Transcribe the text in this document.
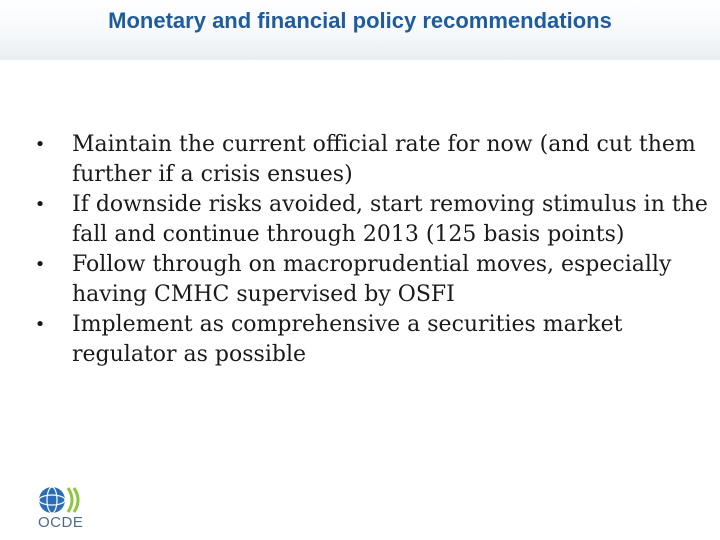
Monetary and financial policy recommendations
• Maintain the current official rate for now (and cut them further if a crisis ensues)
• If downside risks avoided, start removing stimulus in the fall and continue through 2013 (125 basis points)
• Follow through on macroprudential moves, especially having CMHC supervised by OSFI
• Implement as comprehensive a securities market regulator as possible
OCDE
